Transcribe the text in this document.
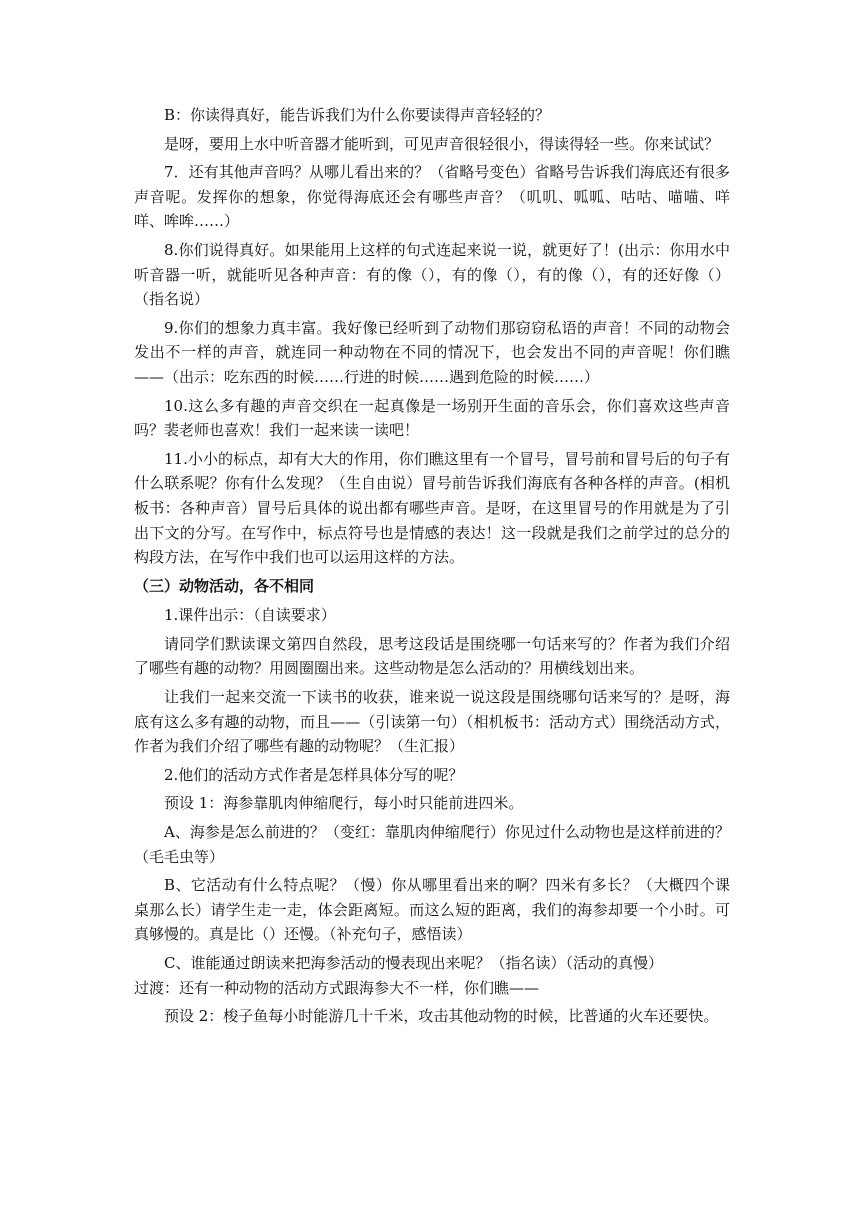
B：你读得真好，能告诉我们为什么你要读得声音轻轻的？

是呀，要用上水中听音器才能听到，可见声音很轻很小，得读得轻一些。你来试试？

7．还有其他声音吗？从哪儿看出来的？（省略号变色）省略号告诉我们海底还有很多声音呢。发挥你的想象，你觉得海底还会有哪些声音？（叽叽、呱呱、咕咕、喵喵、咩咩、哞哞……）

8.你们说得真好。如果能用上这样的句式连起来说一说，就更好了！(出示：你用水中听音器一听，就能听见各种声音：有的像（），有的像（），有的像（），有的还好像（）（指名说）

9.你们的想象力真丰富。我好像已经听到了动物们那窃窃私语的声音！不同的动物会发出不一样的声音，就连同一种动物在不同的情况下，也会发出不同的声音呢！你们瞧——（出示：吃东西的时候……行进的时候……遇到危险的时候……）

10.这么多有趣的声音交织在一起真像是一场别开生面的音乐会，你们喜欢这些声音吗？裴老师也喜欢！我们一起来读一读吧！

11.小小的标点，却有大大的作用，你们瞧这里有一个冒号，冒号前和冒号后的句子有什么联系呢？你有什么发现？（生自由说）冒号前告诉我们海底有各种各样的声音。(相机板书：各种声音）冒号后具体的说出都有哪些声音。是呀，在这里冒号的作用就是为了引出下文的分写。在写作中，标点符号也是情感的表达！这一段就是我们之前学过的总分的构段方法，在写作中我们也可以运用这样的方法。

（三）动物活动，各不相同

1.课件出示：（自读要求）

请同学们默读课文第四自然段，思考这段话是围绕哪一句话来写的？作者为我们介绍了哪些有趣的动物？用圆圈圈出来。这些动物是怎么活动的？用横线划出来。

让我们一起来交流一下读书的收获，谁来说一说这段是围绕哪句话来写的？是呀，海底有这么多有趣的动物，而且——（引读第一句）（相机板书：活动方式）围绕活动方式，作者为我们介绍了哪些有趣的动物呢？（生汇报）

2.他们的活动方式作者是怎样具体分写的呢？

预设 1：海参靠肌肉伸缩爬行，每小时只能前进四米。

A、海参是怎么前进的？（变红：靠肌肉伸缩爬行）你见过什么动物也是这样前进的？（毛毛虫等）

B、它活动有什么特点呢？（慢）你从哪里看出来的啊？四米有多长？（大概四个课桌那么长）请学生走一走，体会距离短。而这么短的距离，我们的海参却要一个小时。可真够慢的。真是比（）还慢。（补充句子，感悟读）

C、谁能通过朗读来把海参活动的慢表现出来呢？（指名读）（活动的真慢）

过渡：还有一种动物的活动方式跟海参大不一样，你们瞧——

预设 2：梭子鱼每小时能游几十千米，攻击其他动物的时候，比普通的火车还要快。
